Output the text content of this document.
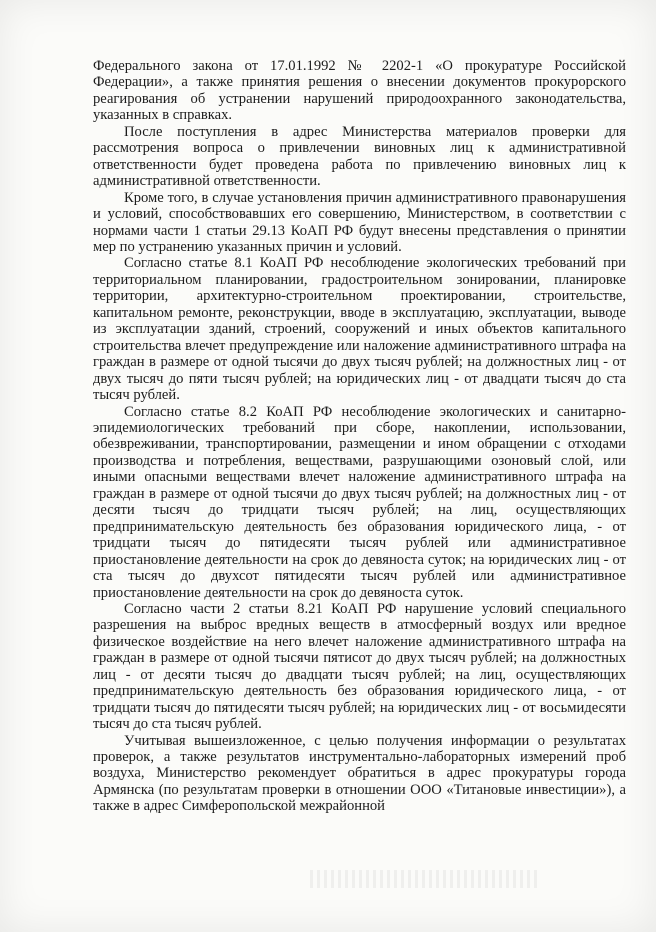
Федерального закона от 17.01.1992 № 2202-1 «О прокуратуре Российской Федерации», а также принятия решения о внесении документов прокурорского реагирования об устранении нарушений природоохранного законодательства, указанных в справках.

После поступления в адрес Министерства материалов проверки для рассмотрения вопроса о привлечении виновных лиц к административной ответственности будет проведена работа по привлечению виновных лиц к административной ответственности.

Кроме того, в случае установления причин административного правонарушения и условий, способствовавших его совершению, Министерством, в соответствии с нормами части 1 статьи 29.13 КоАП РФ будут внесены представления о принятии мер по устранению указанных причин и условий.

Согласно статье 8.1 КоАП РФ несоблюдение экологических требований при территориальном планировании, градостроительном зонировании, планировке территории, архитектурно-строительном проектировании, строительстве, капитальном ремонте, реконструкции, вводе в эксплуатацию, эксплуатации, выводе из эксплуатации зданий, строений, сооружений и иных объектов капитального строительства влечет предупреждение или наложение административного штрафа на граждан в размере от одной тысячи до двух тысяч рублей; на должностных лиц - от двух тысяч до пяти тысяч рублей; на юридических лиц - от двадцати тысяч до ста тысяч рублей.

Согласно статье 8.2 КоАП РФ несоблюдение экологических и санитарно-эпидемиологических требований при сборе, накоплении, использовании, обезвреживании, транспортировании, размещении и ином обращении с отходами производства и потребления, веществами, разрушающими озоновый слой, или иными опасными веществами влечет наложение административного штрафа на граждан в размере от одной тысячи до двух тысяч рублей; на должностных лиц - от десяти тысяч до тридцати тысяч рублей; на лиц, осуществляющих предпринимательскую деятельность без образования юридического лица, - от тридцати тысяч до пятидесяти тысяч рублей или административное приостановление деятельности на срок до девяноста суток; на юридических лиц - от ста тысяч до двухсот пятидесяти тысяч рублей или административное приостановление деятельности на срок до девяноста суток.

Согласно части 2 статьи 8.21 КоАП РФ нарушение условий специального разрешения на выброс вредных веществ в атмосферный воздух или вредное физическое воздействие на него влечет наложение административного штрафа на граждан в размере от одной тысячи пятисот до двух тысяч рублей; на должностных лиц - от десяти тысяч до двадцати тысяч рублей; на лиц, осуществляющих предпринимательскую деятельность без образования юридического лица, - от тридцати тысяч до пятидесяти тысяч рублей; на юридических лиц - от восьмидесяти тысяч до ста тысяч рублей.

Учитывая вышеизложенное, с целью получения информации о результатах проверок, а также результатов инструментально-лабораторных измерений проб воздуха, Министерство рекомендует обратиться в адрес прокуратуры города Армянска (по результатам проверки в отношении ООО «Титановые инвестиции»), а также в адрес Симферопольской межрайонной
